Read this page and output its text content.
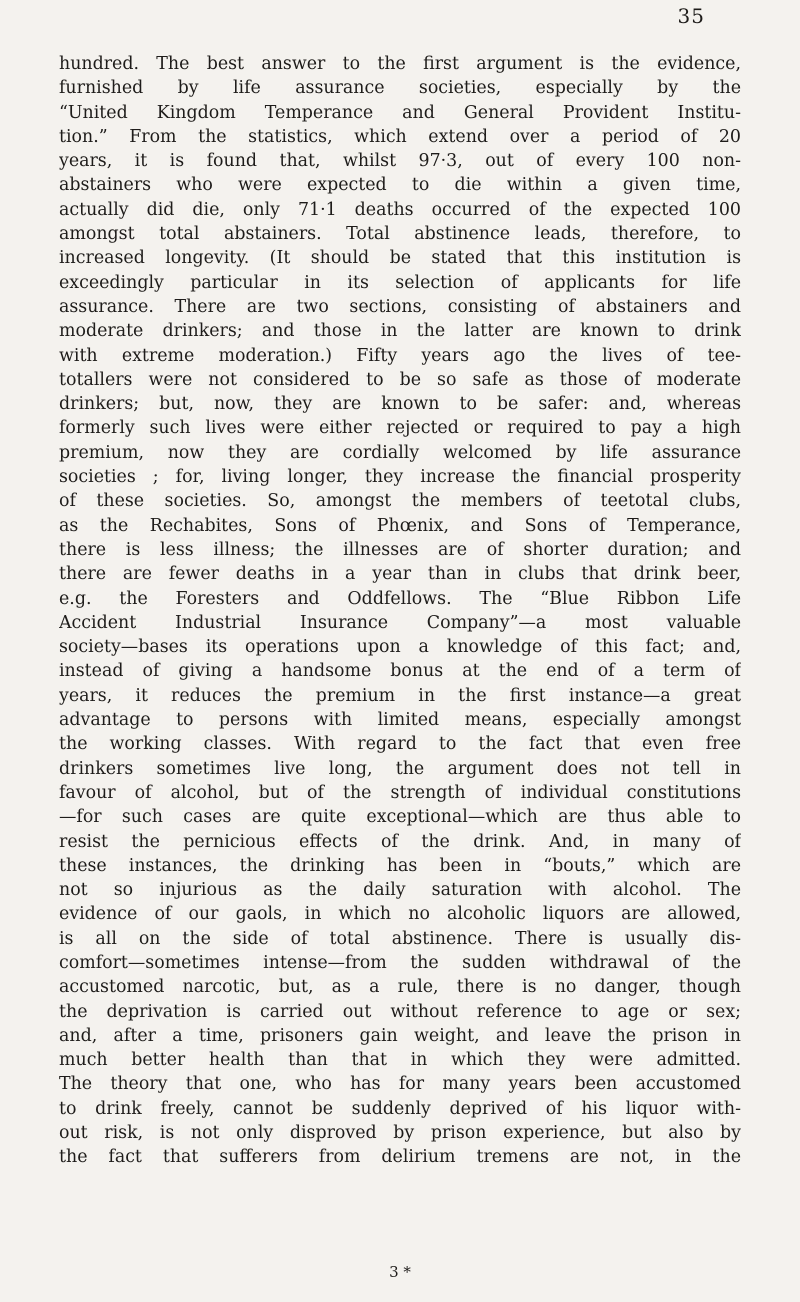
35
hundred. The best answer to the first argument is the evidence,
furnished by life assurance societies, especially by the
“United Kingdom Temperance and General Provident Institu-
tion.” From the statistics, which extend over a period of 20
years, it is found that, whilst 97·3, out of every 100 non-
abstainers who were expected to die within a given time,
actually did die, only 71·1 deaths occurred of the expected 100
amongst total abstainers. Total abstinence leads, therefore, to
increased longevity. (It should be stated that this institution is
exceedingly particular in its selection of applicants for life
assurance. There are two sections, consisting of abstainers and
moderate drinkers; and those in the latter are known to drink
with extreme moderation.) Fifty years ago the lives of tee-
totallers were not considered to be so safe as those of moderate
drinkers; but, now, they are known to be safer: and, whereas
formerly such lives were either rejected or required to pay a high
premium, now they are cordially welcomed by life assurance
societies ; for, living longer, they increase the financial prosperity
of these societies. So, amongst the members of teetotal clubs,
as the Rechabites, Sons of Phœnix, and Sons of Temperance,
there is less illness; the illnesses are of shorter duration; and
there are fewer deaths in a year than in clubs that drink beer,
e.g. the Foresters and Oddfellows. The “Blue Ribbon Life
Accident Industrial Insurance Company”—a most valuable
society—bases its operations upon a knowledge of this fact; and,
instead of giving a handsome bonus at the end of a term of
years, it reduces the premium in the first instance—a great
advantage to persons with limited means, especially amongst
the working classes. With regard to the fact that even free
drinkers sometimes live long, the argument does not tell in
favour of alcohol, but of the strength of individual constitutions
—for such cases are quite exceptional—which are thus able to
resist the pernicious effects of the drink. And, in many of
these instances, the drinking has been in “bouts,” which are
not so injurious as the daily saturation with alcohol. The
evidence of our gaols, in which no alcoholic liquors are allowed,
is all on the side of total abstinence. There is usually dis-
comfort—sometimes intense—from the sudden withdrawal of the
accustomed narcotic, but, as a rule, there is no danger, though
the deprivation is carried out without reference to age or sex;
and, after a time, prisoners gain weight, and leave the prison in
much better health than that in which they were admitted.
The theory that one, who has for many years been accustomed
to drink freely, cannot be suddenly deprived of his liquor with-
out risk, is not only disproved by prison experience, but also by
the fact that sufferers from delirium tremens are not, in the
3 *
